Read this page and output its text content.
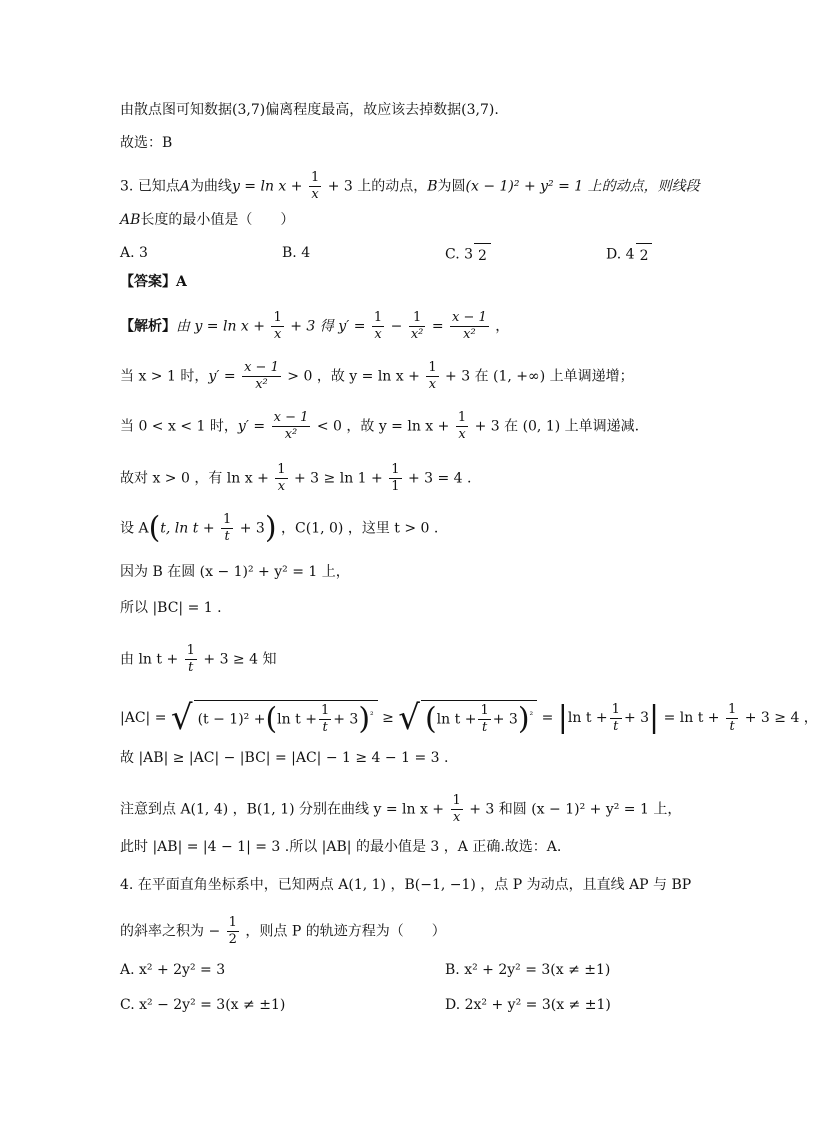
由散点图可知数据(3,7)偏离程度最高，故应该去掉数据(3,7).
故选：B
3. 已知点A为曲线$y = \ln x + \frac{1}{x} + 3$ 上的动点，B为圆(x − 1)² + y² = 1 上的动点，则线段
AB长度的最小值是（　　）
A. 3	B. 4	C. 3 2	D. 4 2
【答案】A
【解析】由 $y = \ln x + \frac{1}{x} + 3$ 得 $y' = \frac{1}{x} - \frac{1}{\text{x²}} = \frac{x - 1}{\text{x²}}$ ，
当 x > 1 时，$y' = \frac{x - 1}{\text{x²}} > 0$ ，故 $y = \ln x + \frac{1}{x} + 3$ 在 (1, +∞) 上单调递增；
当 0 < x < 1 时，$y' = \frac{x - 1}{\text{x²}} < 0$ ，故 $y = \ln x + \frac{1}{x} + 3$ 在 (0, 1) 上单调递减.
故对 x > 0 ，有 $\ln x + \frac{1}{x} + 3 \ge \ln 1 + \frac{1}{1} + 3 = 4$ .
设 A(t, $\ln t + \frac{1}{t} + 3$) ，C(1, 0) ，这里 t > 0 .
因为 B 在圆 (x − 1)² + y² = 1 上，
所以 |BC| = 1 .
由 $\ln t + \frac{1}{t} + 3 \ge 4$ 知
|AC| = √ (t − 1)² +(ln $t + \frac{1}{t} + 3)^{^2}$ ≥ √ (ln $t + \frac{1}{t} + 3)^{^2} = |\ln$ $t + \frac{1}{t} + 3| = \ln t + \frac{1}{t} + 3 \ge 4$ ，
故 |AB| ≥ |AC| − |BC| = |AC| − 1 ≥ 4 − 1 = 3 .
注意到点 A(1, 4) ，B(1, 1) 分别在曲线 $y = \ln x + \frac{1}{x} + 3$ 和圆 (x − 1)² + y² = 1 上，
此时 |AB| = |4 − 1| = 3 .所以 |AB| 的最小值是 3 ，A 正确.故选：A.
4. 在平面直角坐标系中，已知两点 A(1, 1) ，B(−1, −1) ，点 P 为动点，且直线 AP 与 BP
的斜率之积为 − $\frac{1}{2}$ ，则点 P 的轨迹方程为（　　）
A. x² + 2y² = 3	B. x² + 2y² = 3(x ≠ ±1)
C. x² − 2y² = 3(x ≠ ±1)	D. 2x² + y² = 3(x ≠ ±1)
